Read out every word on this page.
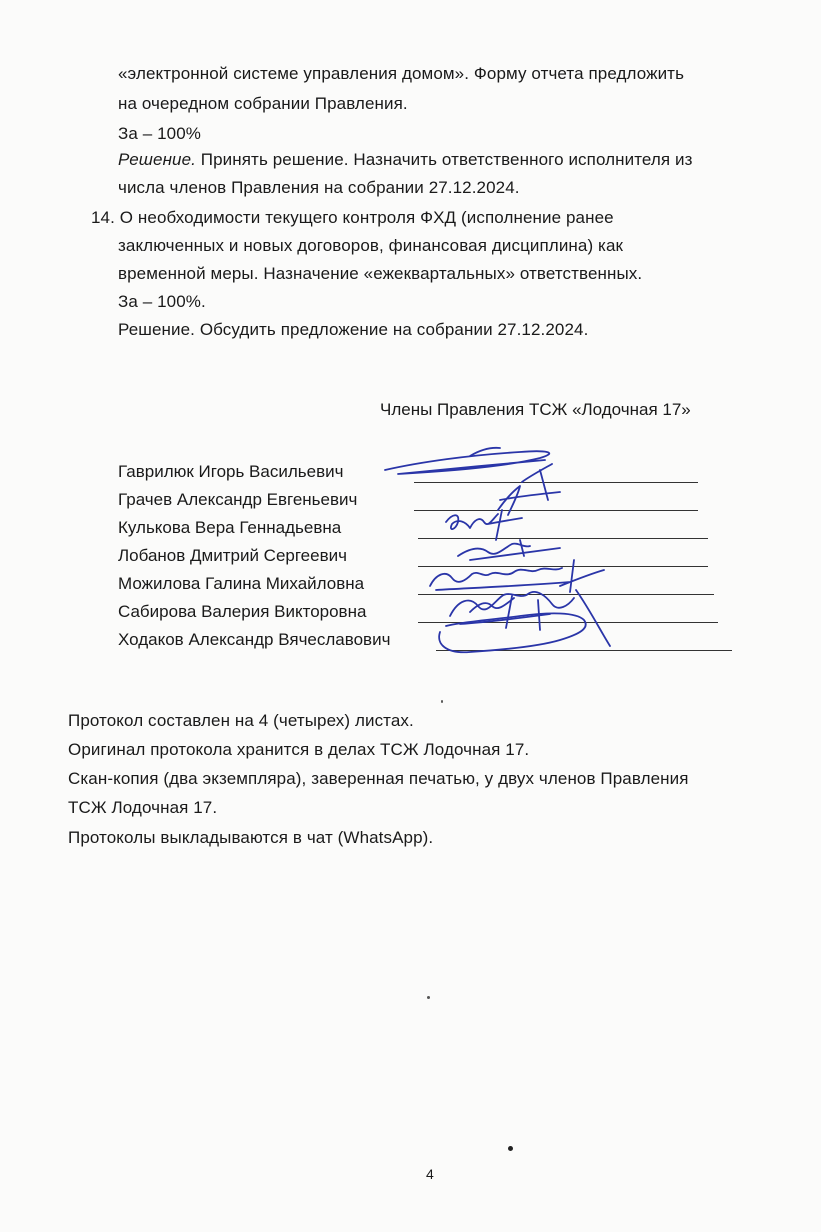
«электронной системе управления домом». Форму отчета предложить
на очередном собрании Правления.
За – 100%
Решение. Принять решение. Назначить ответственного исполнителя из
числа членов Правления на собрании 27.12.2024.
14. О необходимости текущего контроля ФХД (исполнение ранее
заключенных и новых договоров, финансовая дисциплина) как
временной меры. Назначение «ежеквартальных» ответственных.
За – 100%.
Решение. Обсудить предложение на собрании 27.12.2024.
Члены Правления ТСЖ «Лодочная 17»
Гаврилюк Игорь Васильевич
Грачев Александр Евгеньевич
Кулькова Вера Геннадьевна
Лобанов Дмитрий Сергеевич
Можилова Галина Михайловна
Сабирова Валерия Викторовна
Ходаков Александр Вячеславович
Протокол составлен на 4 (четырех) листах.
Оригинал протокола хранится в делах ТСЖ Лодочная 17.
Скан-копия (два экземпляра), заверенная печатью, у двух членов Правления
ТСЖ Лодочная 17.
Протоколы выкладываются в чат (WhatsApp).
4
